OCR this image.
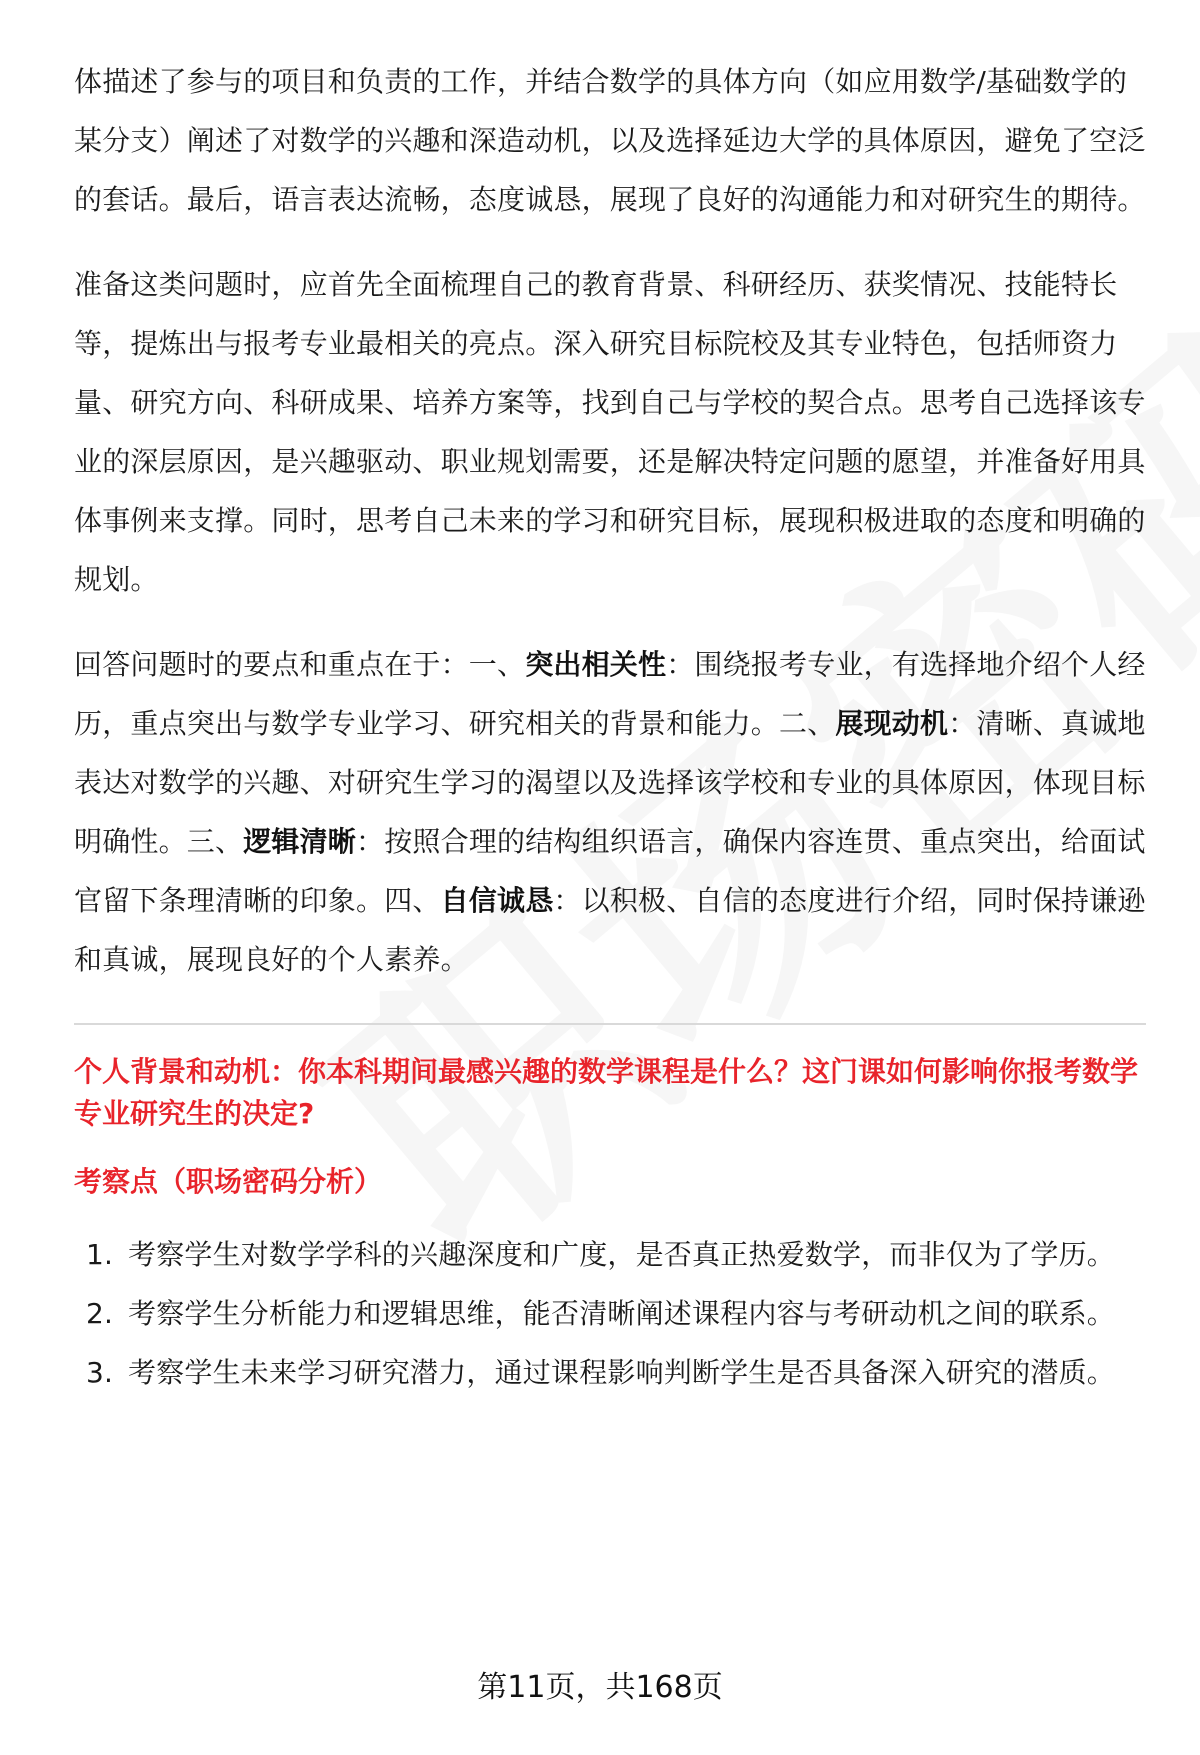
体描述了参与的项目和负责的工作，并结合数学的具体方向（如应用数学/基础数学的某分支）阐述了对数学的兴趣和深造动机，以及选择延边大学的具体原因，避免了空泛的套话。最后，语言表达流畅，态度诚恳，展现了良好的沟通能力和对研究生的期待。

准备这类问题时，应首先全面梳理自己的教育背景、科研经历、获奖情况、技能特长等，提炼出与报考专业最相关的亮点。深入研究目标院校及其专业特色，包括师资力量、研究方向、科研成果、培养方案等，找到自己与学校的契合点。思考自己选择该专业的深层原因，是兴趣驱动、职业规划需要，还是解决特定问题的愿望，并准备好用具体事例来支撑。同时，思考自己未来的学习和研究目标，展现积极进取的态度和明确的规划。

回答问题时的要点和重点在于：一、突出相关性：围绕报考专业，有选择地介绍个人经历，重点突出与数学专业学习、研究相关的背景和能力。二、展现动机：清晰、真诚地表达对数学的兴趣、对研究生学习的渴望以及选择该学校和专业的具体原因，体现目标明确性。三、逻辑清晰：按照合理的结构组织语言，确保内容连贯、重点突出，给面试官留下条理清晰的印象。四、自信诚恳：以积极、自信的态度进行介绍，同时保持谦逊和真诚，展现良好的个人素养。

个人背景和动机：你本科期间最感兴趣的数学课程是什么？这门课如何影响你报考数学专业研究生的决定?
考察点（职场密码分析）
1. 考察学生对数学学科的兴趣深度和广度，是否真正热爱数学，而非仅为了学历。
2. 考察学生分析能力和逻辑思维，能否清晰阐述课程内容与考研动机之间的联系。
3. 考察学生未来学习研究潜力，通过课程影响判断学生是否具备深入研究的潜质。
第11页，共168页
